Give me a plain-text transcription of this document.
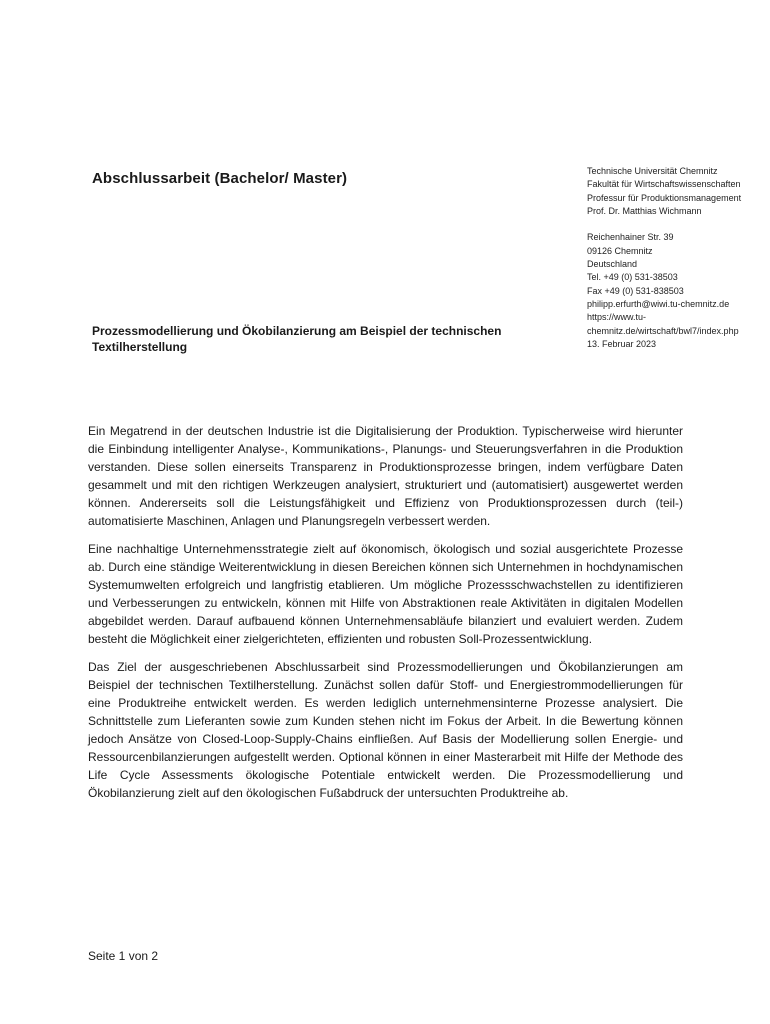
Abschlussarbeit (Bachelor/ Master)	Technische Universität Chemnitz
Fakultät für Wirtschaftswissenschaften
Professur für Produktionsmanagement
Prof. Dr. Matthias Wichmann
Reichenhainer Str. 39
09126 Chemnitz
Deutschland
Tel. +49 (0) 531-38503
Fax +49 (0) 531-838503
philipp.erfurth@wiwi.tu-chemnitz.de
https://www.tu-
chemnitz.de/wirtschaft/bwl7/index.php
13. Februar 2023
Prozessmodellierung und Ökobilanzierung am Beispiel der technischen Textilherstellung

Ein Megatrend in der deutschen Industrie ist die Digitalisierung der Produktion. Typischerweise wird hierunter die Einbindung intelligenter Analyse-, Kommunikations-, Planungs- und Steuerungsverfahren in die Produktion verstanden. Diese sollen einerseits Transparenz in Produktionsprozesse bringen, indem verfügbare Daten gesammelt und mit den richtigen Werkzeugen analysiert, strukturiert und (automatisiert) ausgewertet werden können. Andererseits soll die Leistungsfähigkeit und Effizienz von Produktionsprozessen durch (teil-) automatisierte Maschinen, Anlagen und Planungsregeln verbessert werden.

Eine nachhaltige Unternehmensstrategie zielt auf ökonomisch, ökologisch und sozial ausgerichtete Prozesse ab. Durch eine ständige Weiterentwicklung in diesen Bereichen können sich Unternehmen in hochdynamischen Systemumwelten erfolgreich und langfristig etablieren. Um mögliche Prozessschwachstellen zu identifizieren und Verbesserungen zu entwickeln, können mit Hilfe von Abstraktionen reale Aktivitäten in digitalen Modellen abgebildet werden. Darauf aufbauend können Unternehmensabläufe bilanziert und evaluiert werden. Zudem besteht die Möglichkeit einer zielgerichteten, effizienten und robusten Soll-Prozessentwicklung.

Das Ziel der ausgeschriebenen Abschlussarbeit sind Prozessmodellierungen und Ökobilanzierungen am Beispiel der technischen Textilherstellung. Zunächst sollen dafür Stoff- und Energiestrommodellierungen für eine Produktreihe entwickelt werden. Es werden lediglich unternehmensinterne Prozesse analysiert. Die Schnittstelle zum Lieferanten sowie zum Kunden stehen nicht im Fokus der Arbeit. In die Bewertung können jedoch Ansätze von Closed-Loop-Supply-Chains einfließen. Auf Basis der Modellierung sollen Energie- und Ressourcenbilanzierungen aufgestellt werden. Optional können in einer Masterarbeit mit Hilfe der Methode des Life Cycle Assessments ökologische Potentiale entwickelt werden. Die Prozessmodellierung und Ökobilanzierung zielt auf den ökologischen Fußabdruck der untersuchten Produktreihe ab.

Seite 1 von 2
